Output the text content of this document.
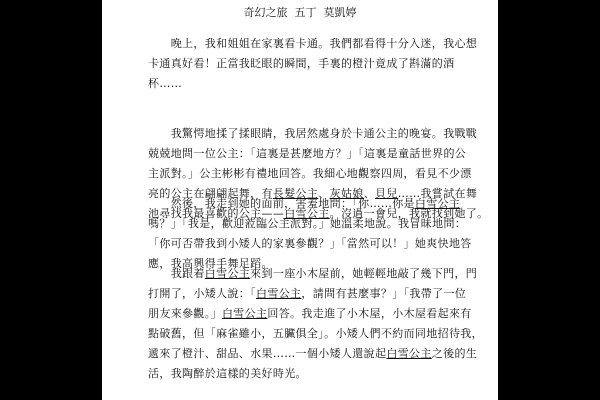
奇幻之旅  五丁  莫凱婷
　　晚上，我和姐姐在家裏看卡通。我們都看得十分入迷，我心想
卡通真好看！正當我眨眼的瞬間，手裏的橙汁竟成了斟滿的酒
杯……
　　我驚愕地揉了揉眼睛，我居然處身於卡通公主的晚宴。我戰戰
兢兢地問一位公主：「這裏是甚麼地方？」「這裏是童話世界的公
主派對。」公主彬彬有禮地回答。我細心地觀察四周，看見不少漂
亮的公主在翩翩起舞，有長髮公主、灰姑娘、貝兒……我嘗試在舞
池尋找我最喜歡的公主——白雪公主。沒過一會兒，我就找到她了。
　　然後，我走到她的面前，害羞地問：「你……你是白雪公主
嗎？」「我是，歡迎蒞臨公主派對。」她溫柔地說。我冒昧地問：
「你可否帶我到小矮人的家裏參觀？」「當然可以！」她爽快地答
應，我高興得手舞足蹈。
　　我跟着白雪公主來到一座小木屋前，她輕輕地敲了幾下門，門
打開了，小矮人說：「白雪公主，請問有甚麼事？」「我帶了一位
朋友來參觀。」白雪公主回答。我走進了小木屋，小木屋看起來有
點破舊，但「麻雀雖小，五臟俱全」。小矮人們不約而同地招待我，
遞來了橙汁、甜品、水果……一個小矮人還說起白雪公主之後的生
活，我陶醉於這樣的美好時光。
